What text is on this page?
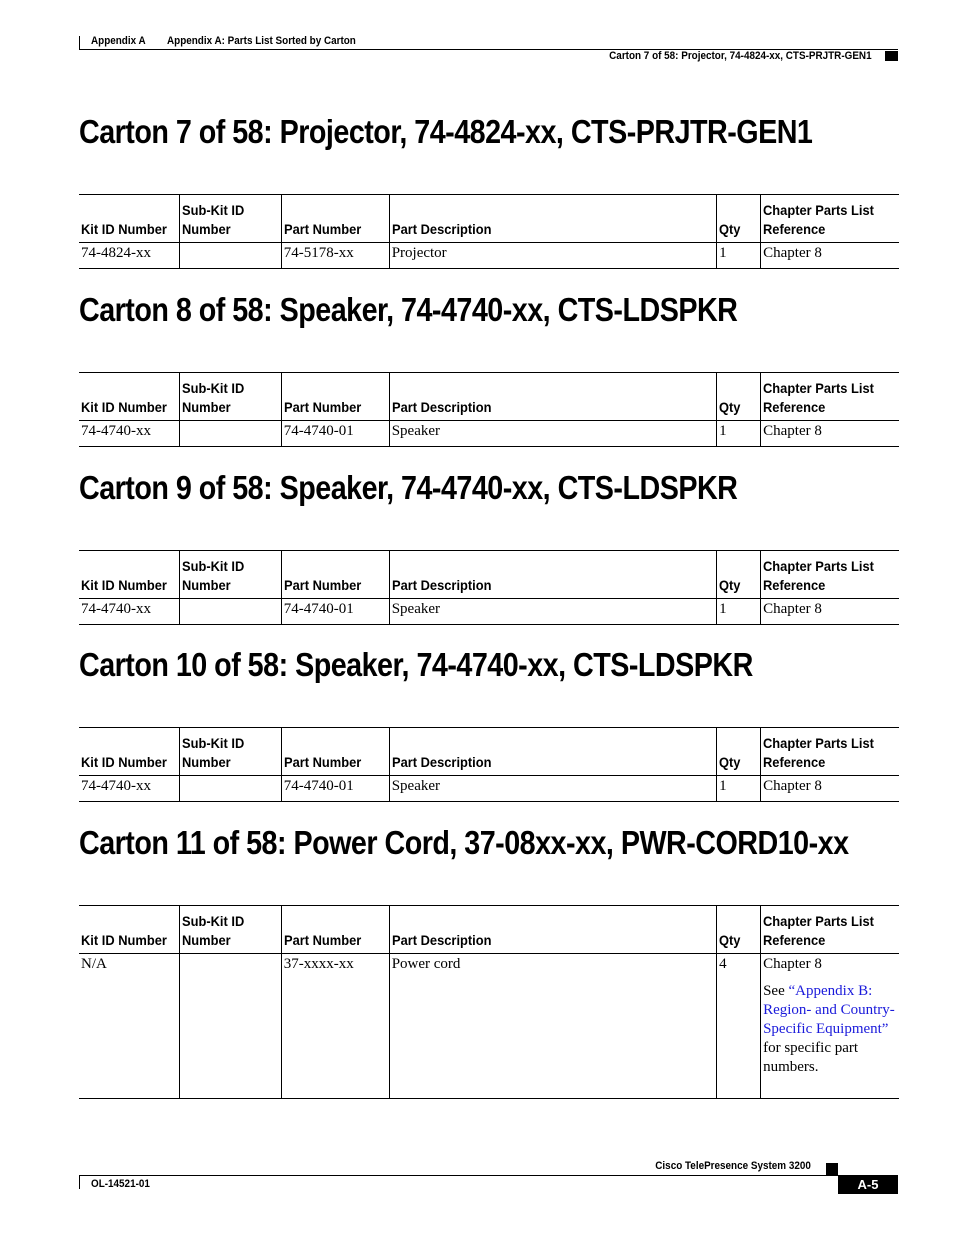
Appendix A Appendix A: Parts List Sorted by Carton
Carton 7 of 58: Projector, 74-4824-xx, CTS-PRJTR-GEN1
Carton 7 of 58: Projector, 74-4824-xx, CTS-PRJTR-GEN1
Kit ID Number	Sub-Kit ID Number	Part Number	Part Description	Qty	Chapter Parts List Reference
74-4824-xx		74-5178-xx	Projector	1	Chapter 8

Carton 8 of 58: Speaker, 74-4740-xx, CTS-LDSPKR
Kit ID Number	Sub-Kit ID Number	Part Number	Part Description	Qty	Chapter Parts List Reference
74-4740-xx		74-4740-01	Speaker	1	Chapter 8

Carton 9 of 58: Speaker, 74-4740-xx, CTS-LDSPKR
Kit ID Number	Sub-Kit ID Number	Part Number	Part Description	Qty	Chapter Parts List Reference
74-4740-xx		74-4740-01	Speaker	1	Chapter 8

Carton 10 of 58: Speaker, 74-4740-xx, CTS-LDSPKR
Kit ID Number	Sub-Kit ID Number	Part Number	Part Description	Qty	Chapter Parts List Reference
74-4740-xx		74-4740-01	Speaker	1	Chapter 8

Carton 11 of 58: Power Cord, 37-08xx-xx, PWR-CORD10-xx
Kit ID Number	Sub-Kit ID Number	Part Number	Part Description	Qty	Chapter Parts List Reference
N/A		37-xxxx-xx	Power cord	4	Chapter 8

See “Appendix B: Region- and Country-Specific Equipment” for specific part numbers.

Cisco TelePresence System 3200
OL-14521-01	A-5
